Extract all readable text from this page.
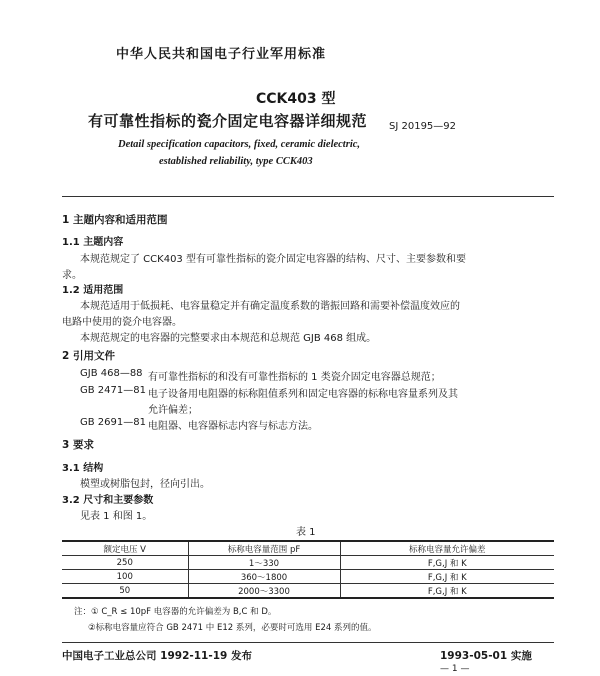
中华人民共和国电子行业军用标准
CCK403 型
有可靠性指标的瓷介固定电容器详细规范 SJ 20195—92
Detail specification capacitors, fixed, ceramic dielectric,
established reliability, type CCK403
1 主题内容和适用范围
1.1 主题内容
本规范规定了 CCK403 型有可靠性指标的瓷介固定电容器的结构、尺寸、主要参数和要
求。
1.2 适用范围
本规范适用于低损耗、电容量稳定并有确定温度系数的谐振回路和需要补偿温度效应的
电路中使用的瓷介电容器。
本规范规定的电容器的完整要求由本规范和总规范 GJB 468 组成。
2 引用文件
GJB 468—88 有可靠性指标的和没有可靠性指标的 1 类瓷介固定电容器总规范；
GB 2471—81 电子设备用电阻器的标称阻值系列和固定电容器的标称电容量系列及其
允许偏差；
GB 2691—81 电阻器、电容器标志内容与标志方法。
3 要求
3.1 结构
模塑或树脂包封，径向引出。
3.2 尺寸和主要参数
见表 1 和图 1。
表 1
额定电压 V	标称电容量范围 pF	标称电容量允许偏差
250	1～330	F,G,J 和 K
100	360～1800	F,G,J 和 K
50	2000～3300	F,G,J 和 K
注：① C_R ≤ 10pF 电容器的允许偏差为 B,C 和 D。
②标称电容量应符合 GB 2471 中 E12 系列，必要时可选用 E24 系列的值。
中国电子工业总公司 1992-11-19 发布	1993-05-01 实施
— 1 —
